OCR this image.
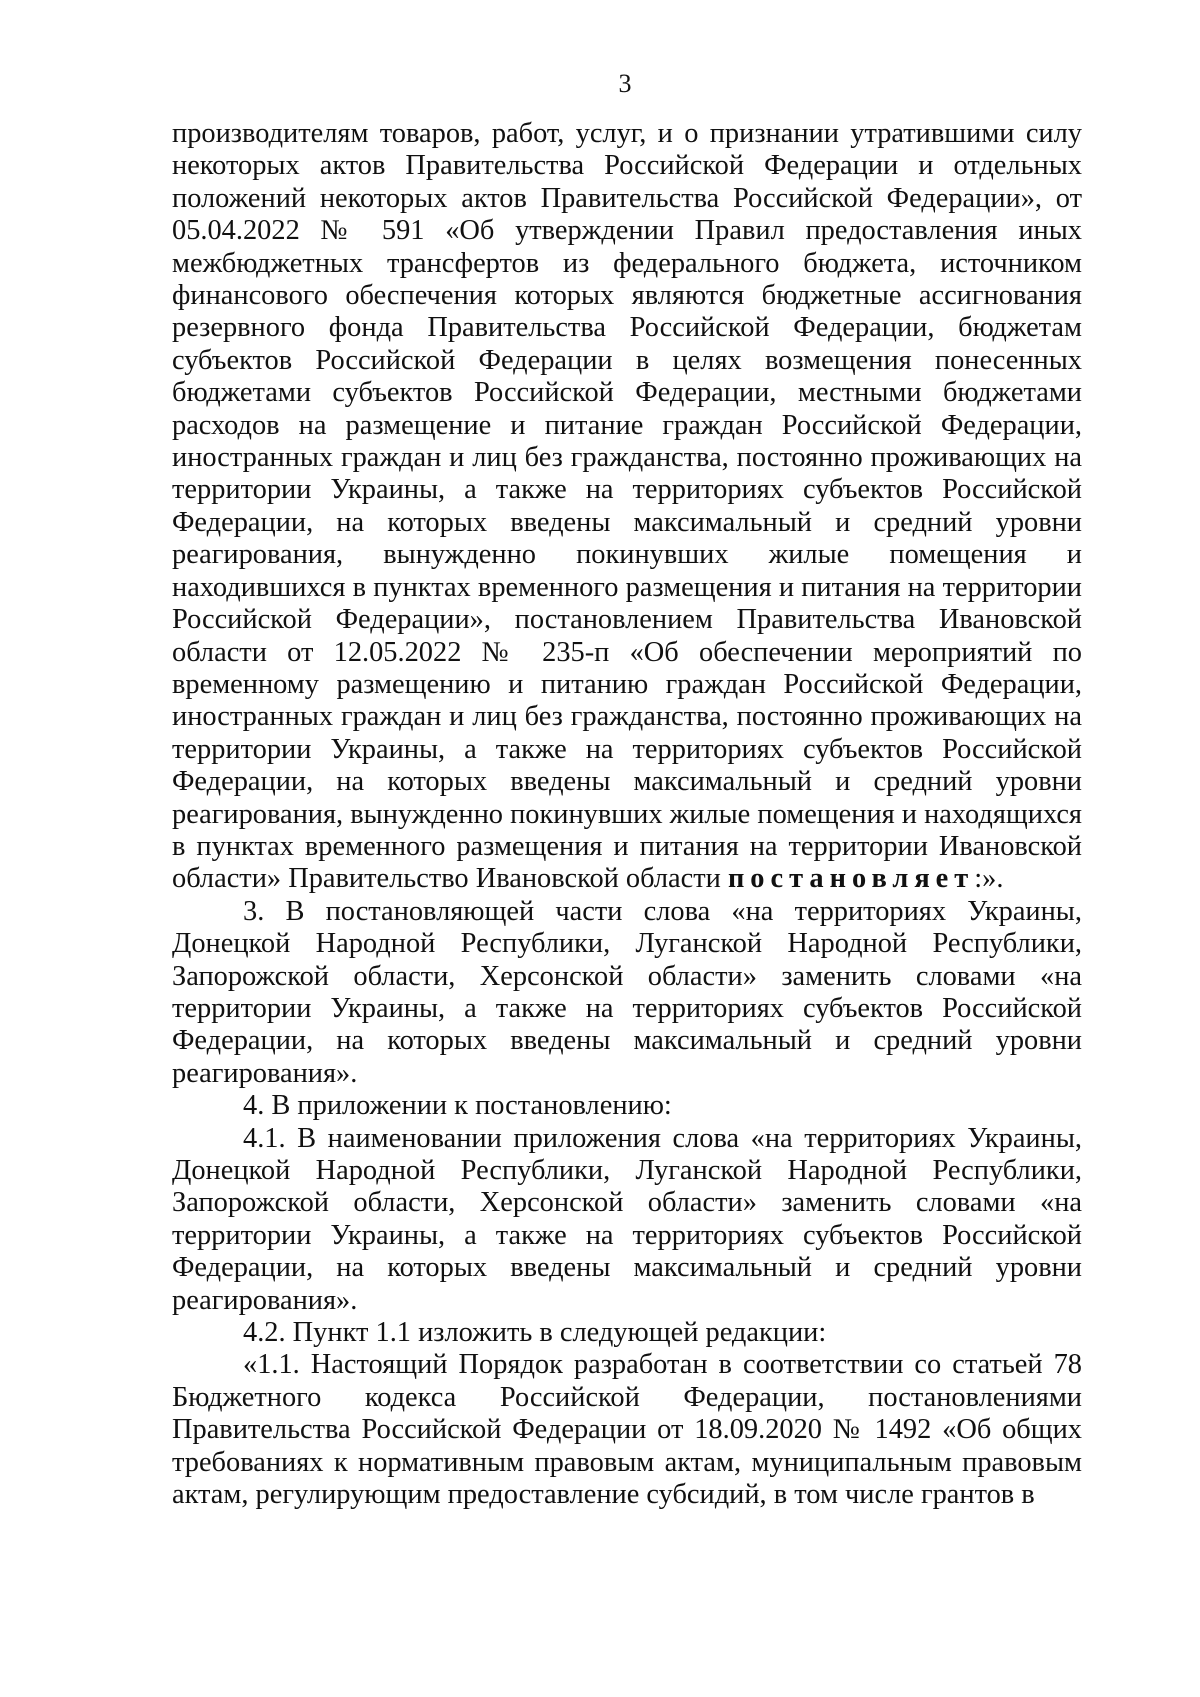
3

производителям товаров, работ, услуг, и о признании утратившими силу некоторых актов Правительства Российской Федерации и отдельных положений некоторых актов Правительства Российской Федерации», от 05.04.2022 № 591 «Об утверждении Правил предоставления иных межбюджетных трансфертов из федерального бюджета, источником финансового обеспечения которых являются бюджетные ассигнования резервного фонда Правительства Российской Федерации, бюджетам субъектов Российской Федерации в целях возмещения понесенных бюджетами субъектов Российской Федерации, местными бюджетами расходов на размещение и питание граждан Российской Федерации, иностранных граждан и лиц без гражданства, постоянно проживающих на территории Украины, а также на территориях субъектов Российской Федерации, на которых введены максимальный и средний уровни реагирования, вынужденно покинувших жилые помещения и находившихся в пунктах временного размещения и питания на территории Российской Федерации», постановлением Правительства Ивановской области от 12.05.2022 № 235-п «Об обеспечении мероприятий по временному размещению и питанию граждан Российской Федерации, иностранных граждан и лиц без гражданства, постоянно проживающих на территории Украины, а также на территориях субъектов Российской Федерации, на которых введены максимальный и средний уровни реагирования, вынужденно покинувших жилые помещения и находящихся в пунктах временного размещения и питания на территории Ивановской области» Правительство Ивановской области постановляет:».

3. В постановляющей части слова «на территориях Украины, Донецкой Народной Республики, Луганской Народной Республики, Запорожской области, Херсонской области» заменить словами «на территории Украины, а также на территориях субъектов Российской Федерации, на которых введены максимальный и средний уровни реагирования».

4. В приложении к постановлению:

4.1. В наименовании приложения слова «на территориях Украины, Донецкой Народной Республики, Луганской Народной Республики, Запорожской области, Херсонской области» заменить словами «на территории Украины, а также на территориях субъектов Российской Федерации, на которых введены максимальный и средний уровни реагирования».

4.2. Пункт 1.1 изложить в следующей редакции:

«1.1. Настоящий Порядок разработан в соответствии со статьей 78 Бюджетного кодекса Российской Федерации, постановлениями Правительства Российской Федерации от 18.09.2020 № 1492 «Об общих требованиях к нормативным правовым актам, муниципальным правовым актам, регулирующим предоставление субсидий, в том числе грантов в
